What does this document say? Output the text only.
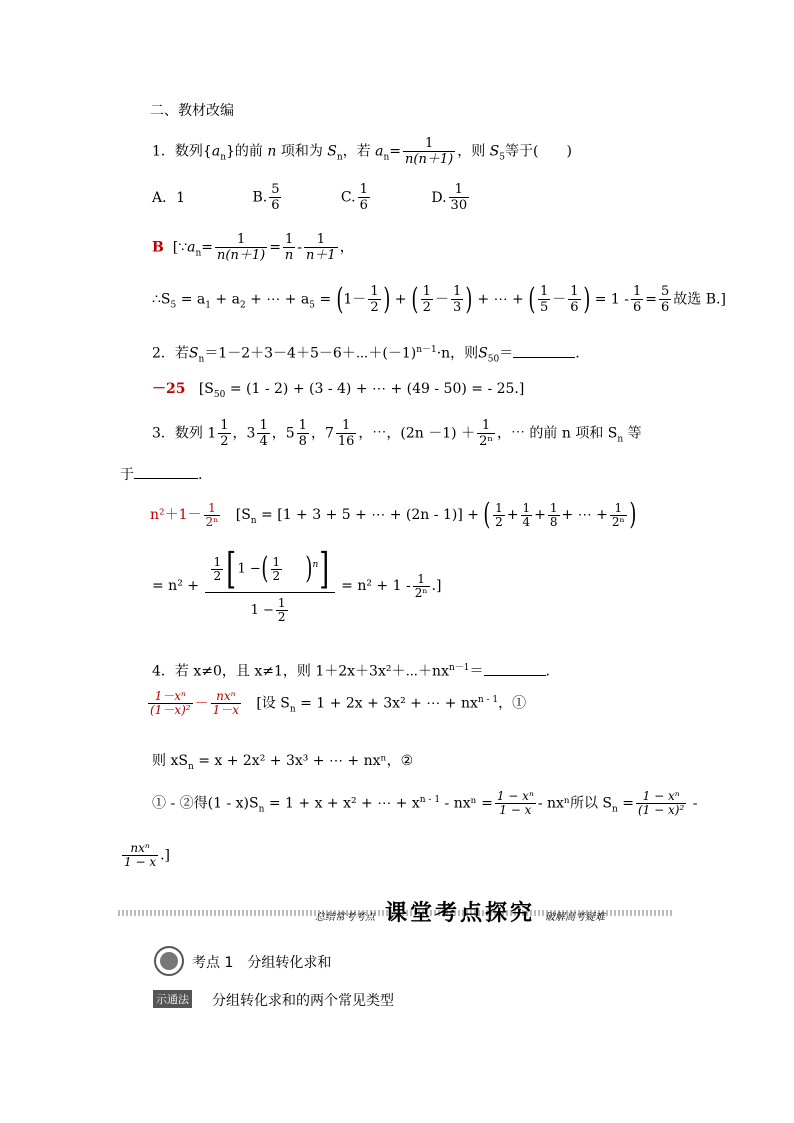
二、教材改编
1．数列$\{a_n\}$的前 n 项和为 $S_n$，若 $a_n= \frac{1}{n(n+1)}$ ，则 $S_5$等于(　　)
A．1	B. $\frac{5}{6}$	C. $\frac{1}{6}$	D. $\frac{1}{30}$
B [$\because a_n= \frac{1}{n(n+1)} = \frac{1}{n} - \frac{1}{n+1}$ ，
$\therefore S_5 = a_1 + a_2$ + ⋯ + $a_5 = (1- \frac{1}{2}$ ) + ( $\frac{1}{2} - \frac{1}{3}$ ) + ⋯ + ( $\frac{1}{5} - \frac{1}{6}$ ) = $1 - \frac{1}{6} = \frac{5}{6}$ 故选 B.]
2．若$S_n=1-2+3-4+5-6+\cdots+(-1)^{n-1}\cdot n$，则$S_{50}=$	.
－25 [$S_{50} = (1 - 2) + (3 - 4)$ + ⋯ + (49 - 50) = - 25.]
3．数列 $1 \frac{1}{2}$ ，$3 \frac{1}{4}$ ，$5 \frac{1}{8}$ ，$7 \frac{1}{16}$ ，⋯，$(2n -1) + \frac{1}{\text{2ⁿ}}$ ，⋯ 的前 n 项和 $S_n$ 等
于	.
$n^2+1- \frac{1}{\text{2ⁿ}} [S_n = [1 + 3 + 5$ + ⋯ + (2n - 1)] + ( $\frac{1}{2} + \frac{1}{4} + \frac{1}{8}$ + ⋯ + $\frac{1}{\text{2ⁿ}}$ )
= $n^2 + \frac{\frac{1}{2} [1 -( \frac{1}{2} )^n]}{1 - \frac{1}{2}} = n^2 + 1 - \frac{1}{\text{2ⁿ}}$ .]
4．若 x≠0，且 x≠1，则 $1+2x+3x^2+\cdots+nx^{n-1}=$	.
$\frac{\text{1－xⁿ}}{\text{(1－x)²}} - \frac{\text{nxⁿ}}{1-x}$ [设 $S_n = 1 + 2x + 3x^2$ + ⋯ + $nx^{n - 1}$，①
则 $xS_n = x + 2x^2 + 3x^3$ + ⋯ + nxⁿ，②
① - ②得$(1 - x)S_n = 1 + x + x^2$ + ⋯ + $x^{n - 1} - nx^n = \frac{\text{1 − xⁿ}}{1 - x} - nx^n$所以 $S_n = \frac{\text{1 − xⁿ}}{\text{(1 − x)²}}$ -
$\frac{\text{nxⁿ}}{1 - x}$ .]
总结常考考点 课堂考点探究 破解高考疑难
考点 1　分组转化求和
示通法 分组转化求和的两个常见类型
